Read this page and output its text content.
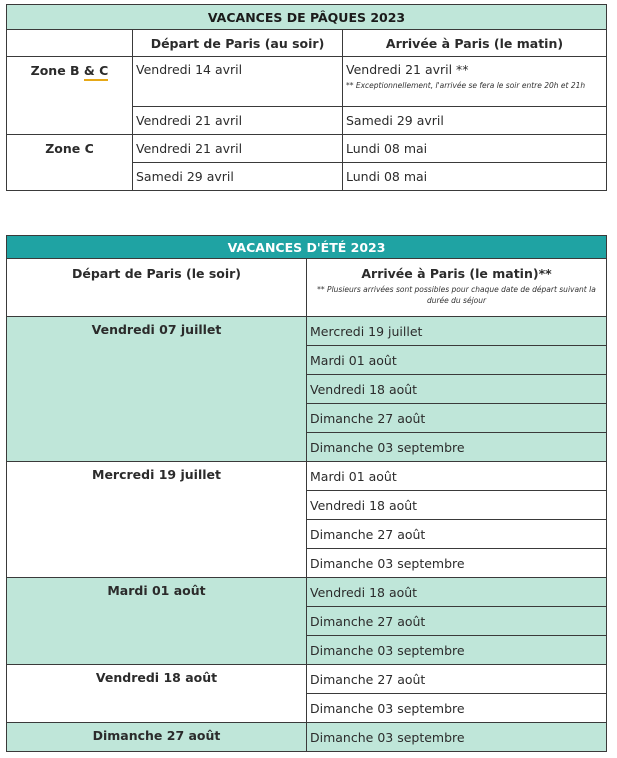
VACANCES DE PÂQUES 2023		
	Départ de Paris (au soir)	Arrivée à Paris (le matin)
Zone B & C	Vendredi 14 avril	Vendredi 21 avril **
** Exceptionnellement, l'arrivée se fera le soir entre 20h et 21h

	Vendredi 21 avril	Samedi 29 avril
Zone C	Vendredi 21 avril	Lundi 08 mai
	Samedi 29 avril	Lundi 08 mai
VACANCES D'ÉTÉ 2023	
Départ de Paris (le soir)	Arrivée à Paris (le matin)**
** Plusieurs arrivées sont possibles pour chaque date de départ suivant la durée du séjour

Vendredi 07 juillet	Mercredi 19 juillet
	Mardi 01 août
	Vendredi 18 août
	Dimanche 27 août
	Dimanche 03 septembre
Mercredi 19 juillet	Mardi 01 août
	Vendredi 18 août
	Dimanche 27 août
	Dimanche 03 septembre
Mardi 01 août	Vendredi 18 août
	Dimanche 27 août
	Dimanche 03 septembre
Vendredi 18 août	Dimanche 27 août
	Dimanche 03 septembre
Dimanche 27 août	Dimanche 03 septembre
